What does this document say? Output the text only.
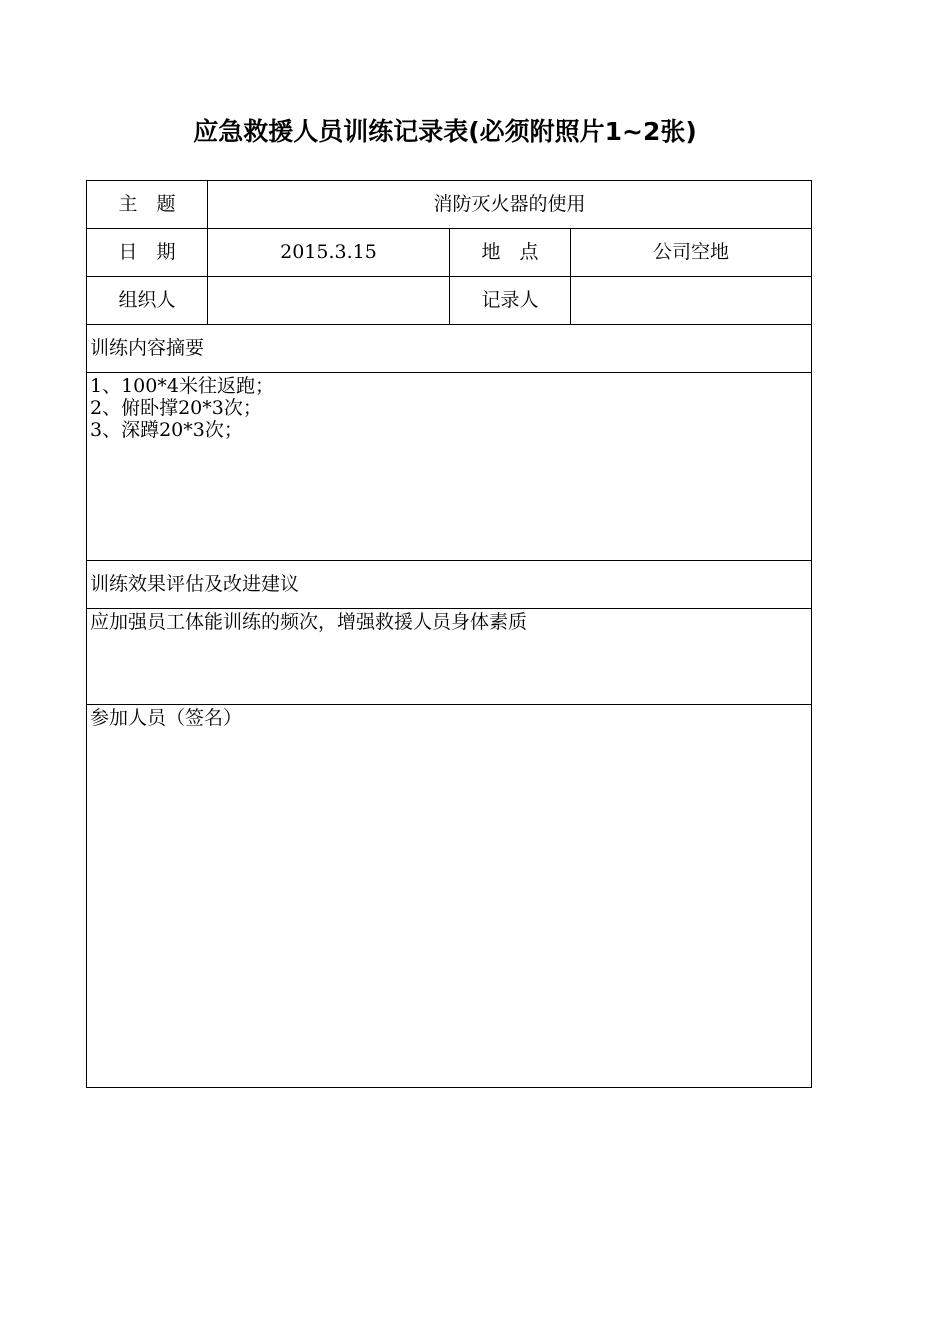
应急救援人员训练记录表(必须附照片1~2张)
主　题	消防灭火器的使用		
日　期	2015.3.15	地　点	公司空地
组织人		记录人	
训练内容摘要			

1、100*4米往返跑；
2、俯卧撑20*3次；
3、深蹲20*3次；			

训练效果评估及改进建议			

应加强员工体能训练的频次，增强救援人员身体素质			

参加人员（签名）			
